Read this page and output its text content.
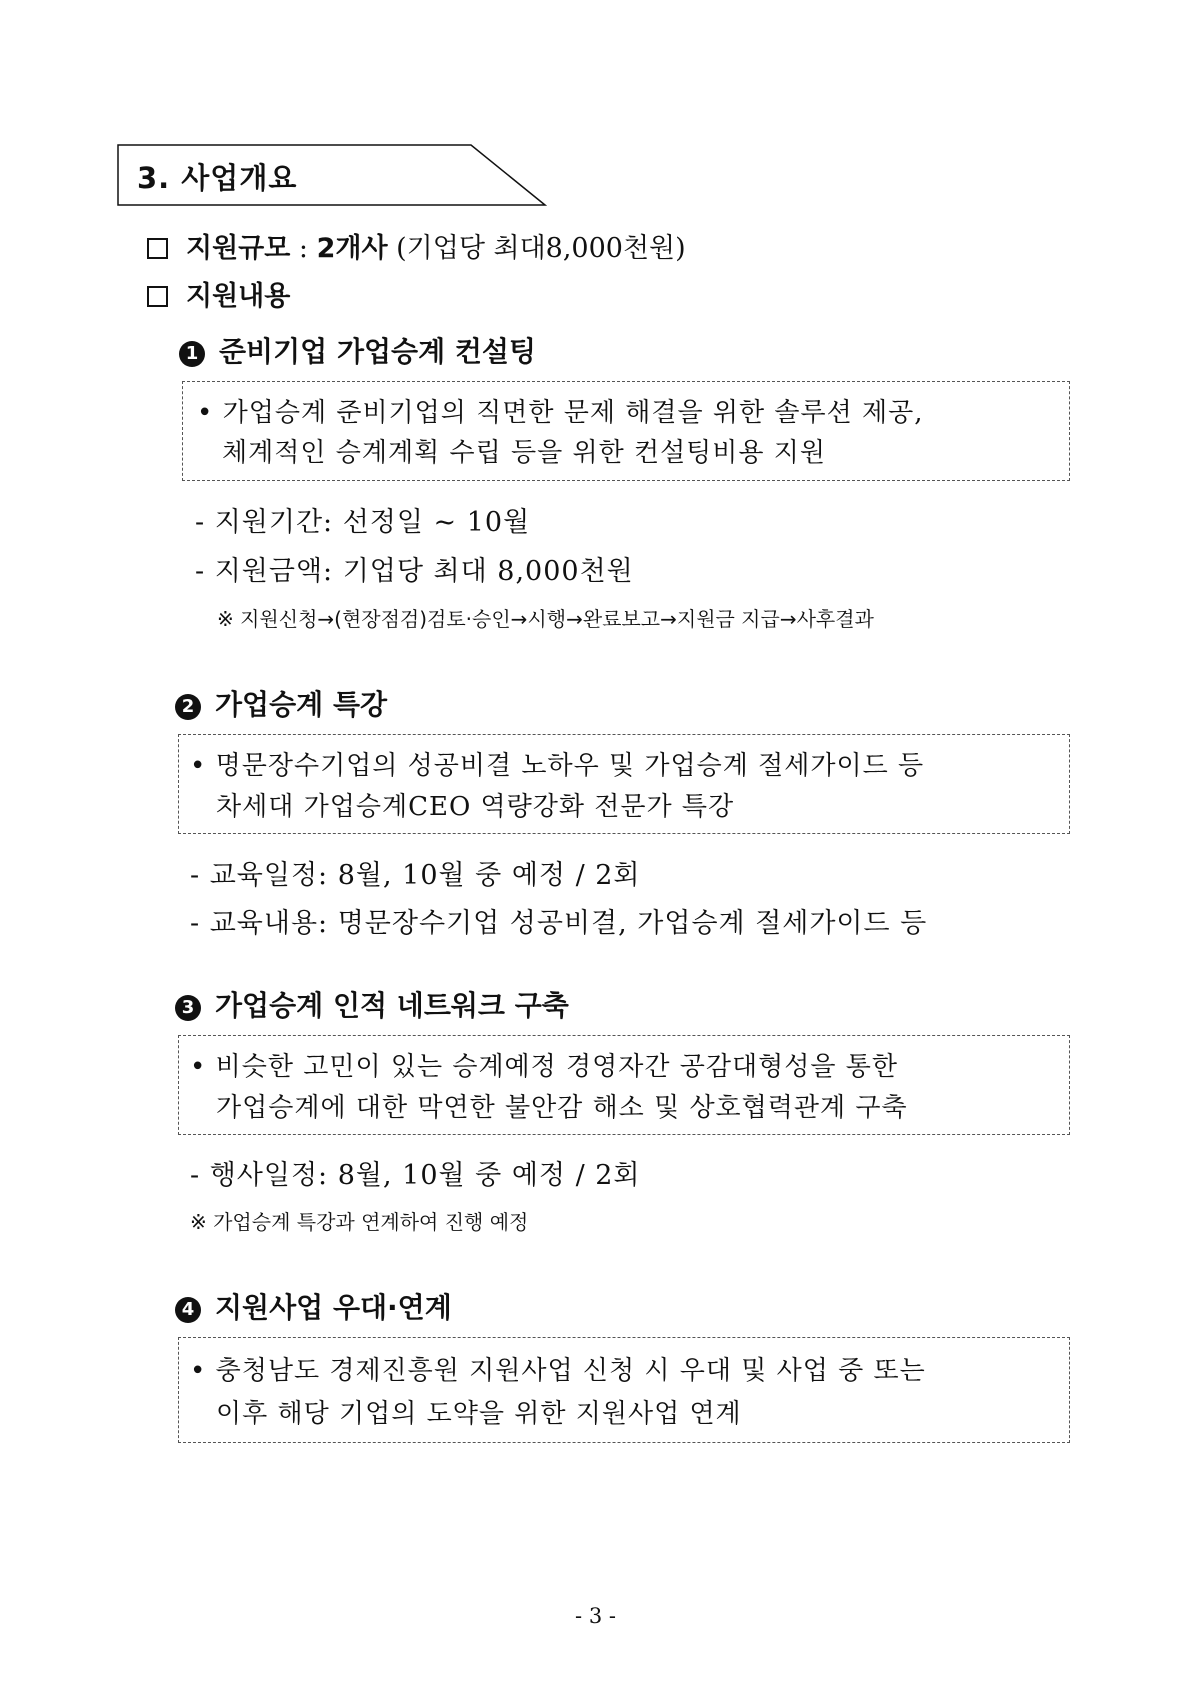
3. 사업개요
지원규모 : 2개사 (기업당 최대8,000천원)
지원내용
1 준비기업 가업승계 컨설팅
• 가업승계 준비기업의 직면한 문제 해결을 위한 솔루션 제공,
체계적인 승계계획 수립 등을 위한 컨설팅비용 지원
- 지원기간: 선정일 ~ 10월
- 지원금액: 기업당 최대 8,000천원
※ 지원신청→(현장점검)검토·승인→시행→완료보고→지원금 지급→사후결과
2 가업승계 특강
• 명문장수기업의 성공비결 노하우 및 가업승계 절세가이드 등
차세대 가업승계CEO 역량강화 전문가 특강
- 교육일정: 8월, 10월 중 예정 / 2회
- 교육내용: 명문장수기업 성공비결, 가업승계 절세가이드 등
3 가업승계 인적 네트워크 구축
• 비슷한 고민이 있는 승계예정 경영자간 공감대형성을 통한
가업승계에 대한 막연한 불안감 해소 및 상호협력관계 구축
- 행사일정: 8월, 10월 중 예정 / 2회
※ 가업승계 특강과 연계하여 진행 예정
4 지원사업 우대·연계
• 충청남도 경제진흥원 지원사업 신청 시 우대 및 사업 중 또는
이후 해당 기업의 도약을 위한 지원사업 연계
- 3 -
